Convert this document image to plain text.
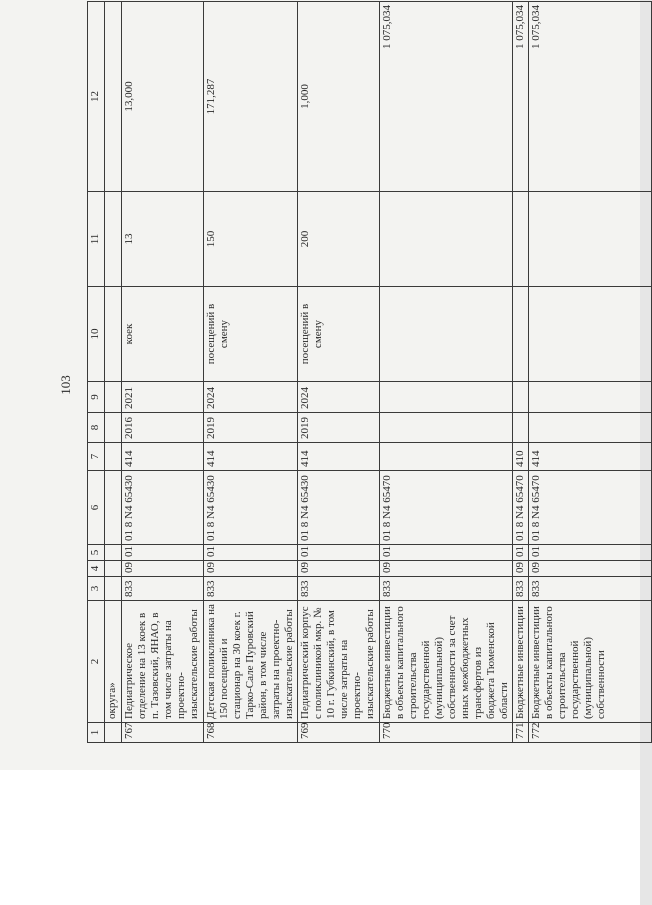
103
1	2	3	4	5	6	7	8	9	10	11	12
	округа»										
767	Педиатрическое отделение на 13 коек в п. Тазовский, ЯНАО, в том числе затраты на проектно-изыскательские работы	833	09	01	01 8 N4 65430	414	2016	2021	коек	13	13,000
768	Детская поликлиника на 150 посещений и стационар на 30 коек г. Тарко-Сале Пуровский район, в том числе затраты на проектно-изыскательские работы	833	09	01	01 8 N4 65430	414	2019	2024	посещений в смену	150	171,287
769	Педиатрический корпус с поликлиникой мкр. № 10 г. Губкинский, в том числе затраты на проектно-изыскательские работы	833	09	01	01 8 N4 65430	414	2019	2024	посещений в смену	200	1,000
770	Бюджетные инвестиции в объекты капитального строительства государственной (муниципальной) собственности за счет иных межбюджетных трансфертов из бюджета Тюменской области	833	09	01	01 8 N4 65470						1 075,034
771	Бюджетные инвестиции	833	09	01	01 8 N4 65470	410					1 075,034
772	Бюджетные инвестиции в объекты капитального строительства государственной (муниципальной) собственности	833	09	01	01 8 N4 65470	414					1 075,034
